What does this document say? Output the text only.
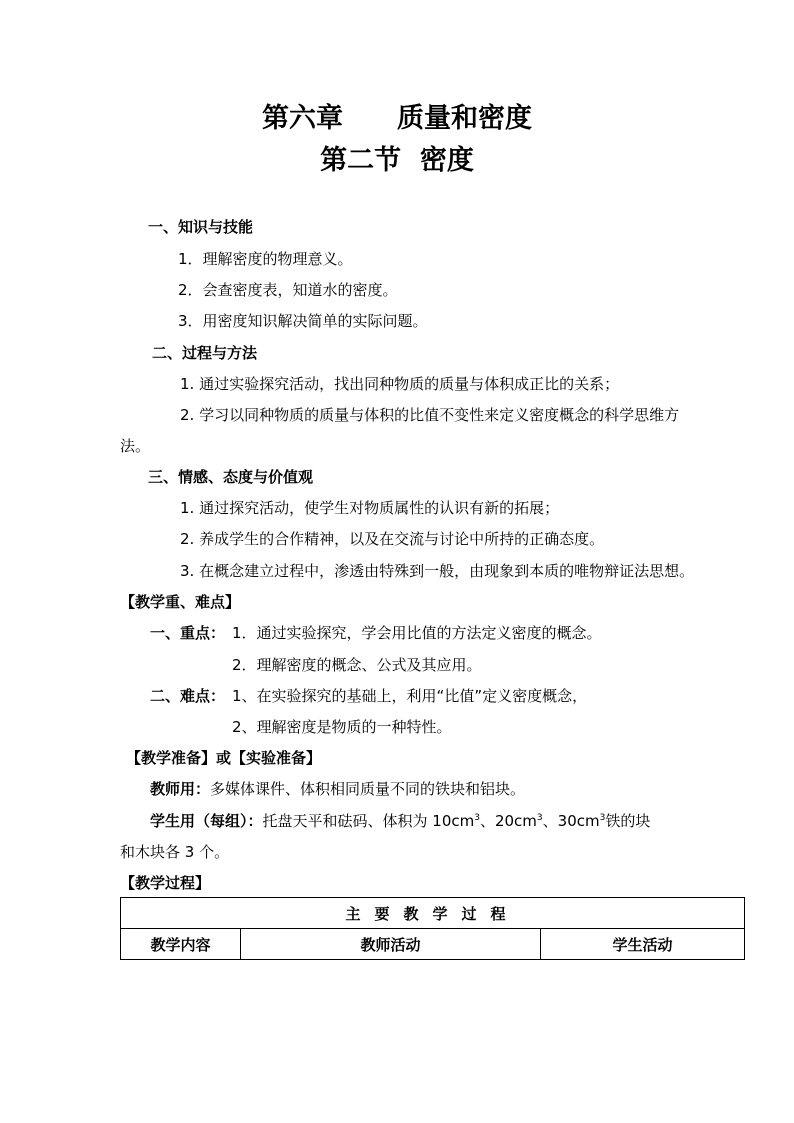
第六章　　质量和密度
第二节  密度
一、知识与技能
1．理解密度的物理意义。
2．会查密度表，知道水的密度。
3．用密度知识解决简单的实际问题。
二、过程与方法
1. 通过实验探究活动，找出同种物质的质量与体积成正比的关系；
2. 学习以同种物质的质量与体积的比值不变性来定义密度概念的科学思维方
法。
三、情感、态度与价值观
1. 通过探究活动，使学生对物质属性的认识有新的拓展；
2. 养成学生的合作精神，以及在交流与讨论中所持的正确态度。
3. 在概念建立过程中，渗透由特殊到一般，由现象到本质的唯物辩证法思想。
【教学重、难点】
一、重点： 1．通过实验探究，学会用比值的方法定义密度的概念。
2．理解密度的概念、公式及其应用。
二、难点： 1、在实验探究的基础上，利用“比值”定义密度概念，
2、理解密度是物质的一种特性。
【教学准备】或【实验准备】
教师用：多媒体课件、体积相同质量不同的铁块和铝块。
学生用（每组）：托盘天平和砝码、体积为 $10cm^3$、$20cm^3$、$30cm^3$铁的块
和木块各 3 个。
【教学过程】
主要教学过程
教学内容	教师活动	学生活动
